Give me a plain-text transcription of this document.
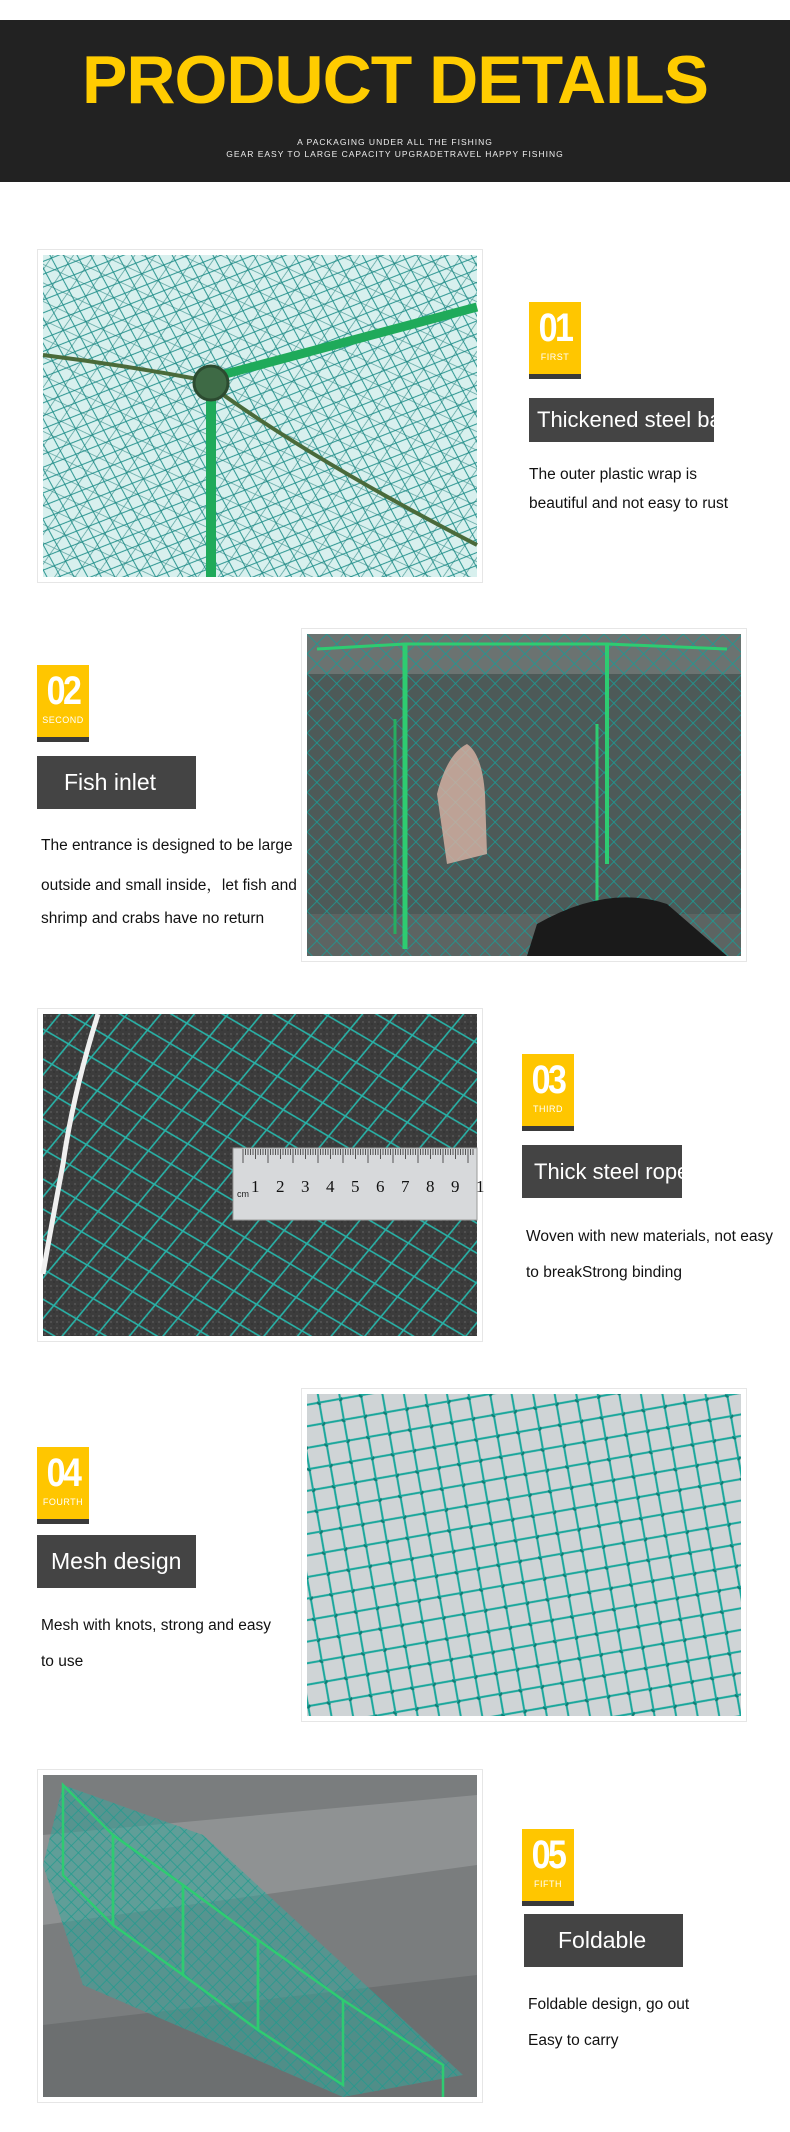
PRODUCT DETAILS
A PACKAGING UNDER ALL THE FISHING
GEAR EASY TO LARGE CAPACITY UPGRADETRAVEL HAPPY FISHING
01
FIRST
Thickened steel bar
The outer plastic wrap is
beautiful and not easy to rust
02
SECOND
Fish inlet
The entrance is designed to be large
outside and small inside，let fish and
shrimp and crabs have no return
cm 1 2 3 4 5 6 7 8 9 1
03
THIRD
Thick steel rope
Woven with new materials, not easy
to breakStrong binding
04
FOURTH
Mesh design
Mesh with knots, strong and easy
to use
05
FIFTH
Foldable
Foldable design, go out
Easy to carry
